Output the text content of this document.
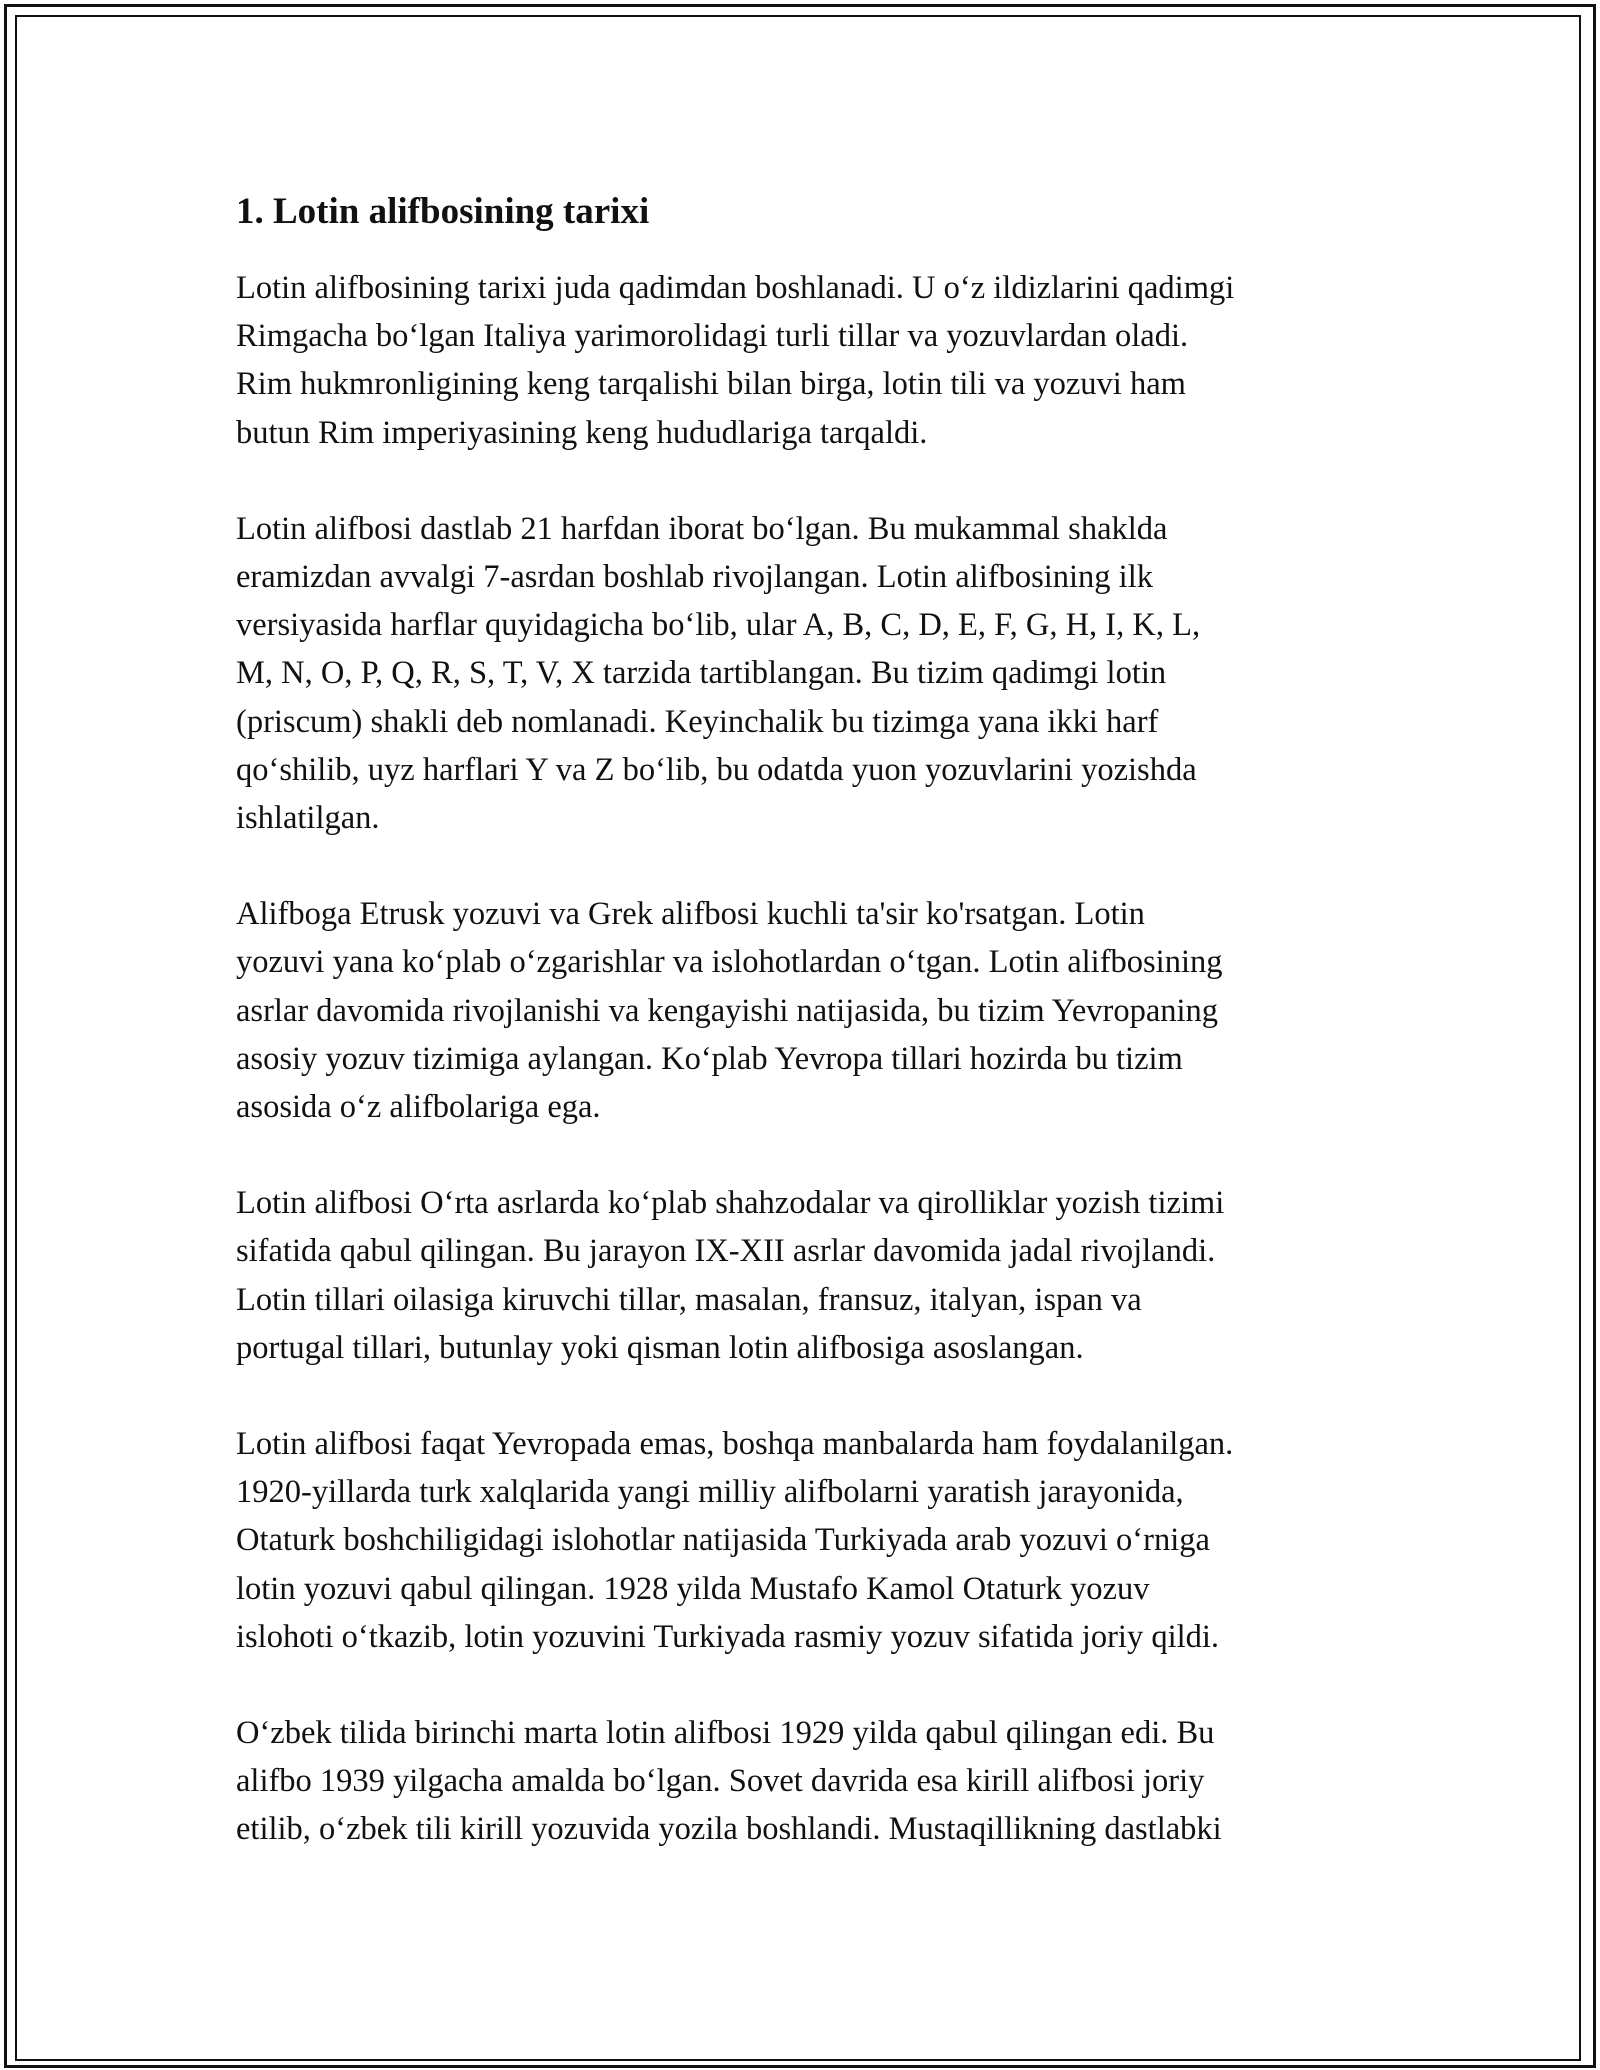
1. Lotin alifbosining tarixi

Lotin alifbosining tarixi juda qadimdan boshlanadi. U o‘z ildizlarini qadimgi
Rimgacha bo‘lgan Italiya yarimorolidagi turli tillar va yozuvlardan oladi.
Rim hukmronligining keng tarqalishi bilan birga, lotin tili va yozuvi ham
butun Rim imperiyasining keng hududlariga tarqaldi.

Lotin alifbosi dastlab 21 harfdan iborat bo‘lgan. Bu mukammal shaklda
eramizdan avvalgi 7-asrdan boshlab rivojlangan. Lotin alifbosining ilk
versiyasida harflar quyidagicha bo‘lib, ular A, B, C, D, E, F, G, H, I, K, L,
M, N, O, P, Q, R, S, T, V, X tarzida tartiblangan. Bu tizim qadimgi lotin
(priscum) shakli deb nomlanadi. Keyinchalik bu tizimga yana ikki harf
qo‘shilib, uyz harflari Y va Z bo‘lib, bu odatda yuon yozuvlarini yozishda
ishlatilgan.

Alifboga Etrusk yozuvi va Grek alifbosi kuchli ta'sir ko'rsatgan. Lotin
yozuvi yana ko‘plab o‘zgarishlar va islohotlardan o‘tgan. Lotin alifbosining
asrlar davomida rivojlanishi va kengayishi natijasida, bu tizim Yevropaning
asosiy yozuv tizimiga aylangan. Ko‘plab Yevropa tillari hozirda bu tizim
asosida o‘z alifbolariga ega.

Lotin alifbosi O‘rta asrlarda ko‘plab shahzodalar va qirolliklar yozish tizimi
sifatida qabul qilingan. Bu jarayon IX-XII asrlar davomida jadal rivojlandi.
Lotin tillari oilasiga kiruvchi tillar, masalan, fransuz, italyan, ispan va
portugal tillari, butunlay yoki qisman lotin alifbosiga asoslangan.

Lotin alifbosi faqat Yevropada emas, boshqa manbalarda ham foydalanilgan.
1920-yillarda turk xalqlarida yangi milliy alifbolarni yaratish jarayonida,
Otaturk boshchiligidagi islohotlar natijasida Turkiyada arab yozuvi o‘rniga
lotin yozuvi qabul qilingan. 1928 yilda Mustafo Kamol Otaturk yozuv
islohoti o‘tkazib, lotin yozuvini Turkiyada rasmiy yozuv sifatida joriy qildi.

O‘zbek tilida birinchi marta lotin alifbosi 1929 yilda qabul qilingan edi. Bu
alifbo 1939 yilgacha amalda bo‘lgan. Sovet davrida esa kirill alifbosi joriy
etilib, o‘zbek tili kirill yozuvida yozila boshlandi. Mustaqillikning dastlabki
